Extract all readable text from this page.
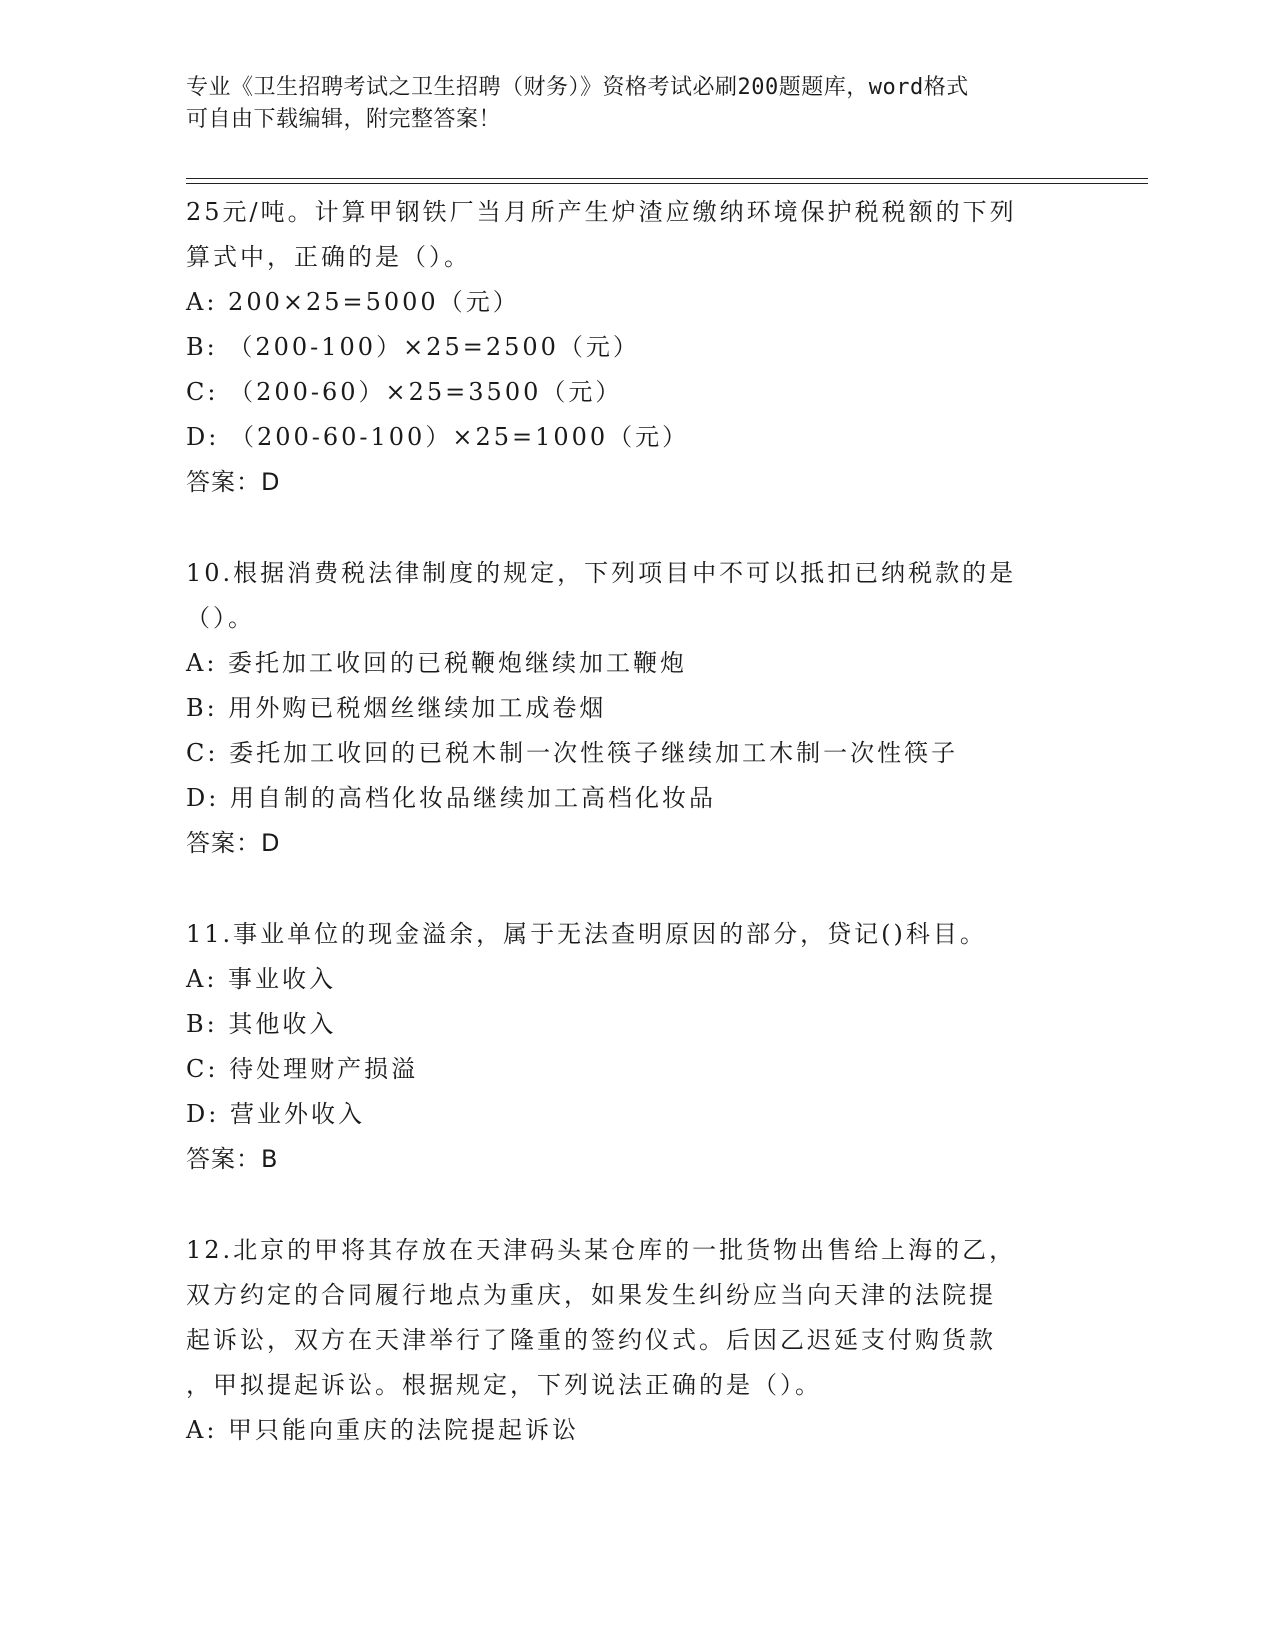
专业《卫生招聘考试之卫生招聘（财务）》资格考试必刷200题题库，word格式
可自由下载编辑，附完整答案！
25元/吨。计算甲钢铁厂当月所产生炉渣应缴纳环境保护税税额的下列
算式中，正确的是（）。
A: 200×25=5000（元）
B: （200-100）×25=2500（元）
C: （200-60）×25=3500（元）
D: （200-60-100）×25=1000（元）
答案：D
10.根据消费税法律制度的规定，下列项目中不可以抵扣已纳税款的是
（）。
A: 委托加工收回的已税鞭炮继续加工鞭炮
B: 用外购已税烟丝继续加工成卷烟
C: 委托加工收回的已税木制一次性筷子继续加工木制一次性筷子
D: 用自制的高档化妆品继续加工高档化妆品
答案：D
11.事业单位的现金溢余，属于无法查明原因的部分，贷记()科目。
A: 事业收入
B: 其他收入
C: 待处理财产损溢
D: 营业外收入
答案：B
12.北京的甲将其存放在天津码头某仓库的一批货物出售给上海的乙，
双方约定的合同履行地点为重庆，如果发生纠纷应当向天津的法院提
起诉讼，双方在天津举行了隆重的签约仪式。后因乙迟延支付购货款
，甲拟提起诉讼。根据规定，下列说法正确的是（）。
A: 甲只能向重庆的法院提起诉讼
